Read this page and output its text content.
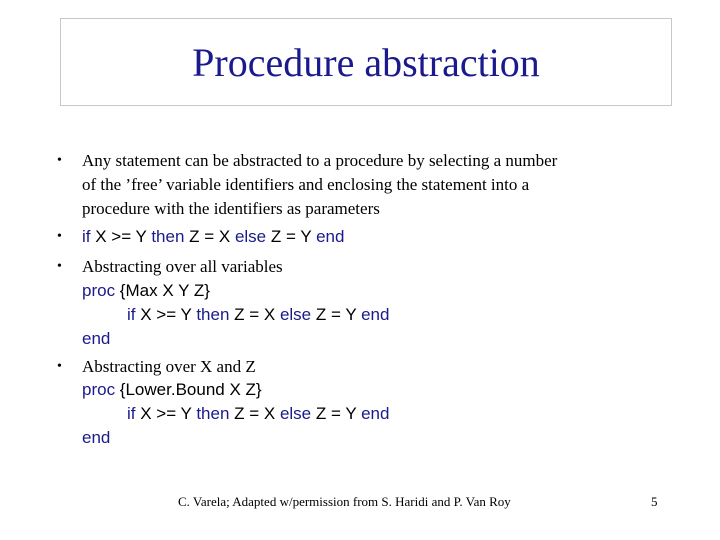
Procedure abstraction
• Any statement can be abstracted to a procedure by selecting a number
of the ’free’ variable identifiers and enclosing the statement into a
procedure with the identifiers as parameters
• if X >= Y then Z = X else Z = Y end
• Abstracting over all variables
proc {Max X Y Z}
if X >= Y then Z = X else Z = Y end
end
• Abstracting over X and Z
proc {Lower.Bound X Z}
if X >= Y then Z = X else Z = Y end
end
C. Varela; Adapted w/permission from S. Haridi and P. Van Roy	5
